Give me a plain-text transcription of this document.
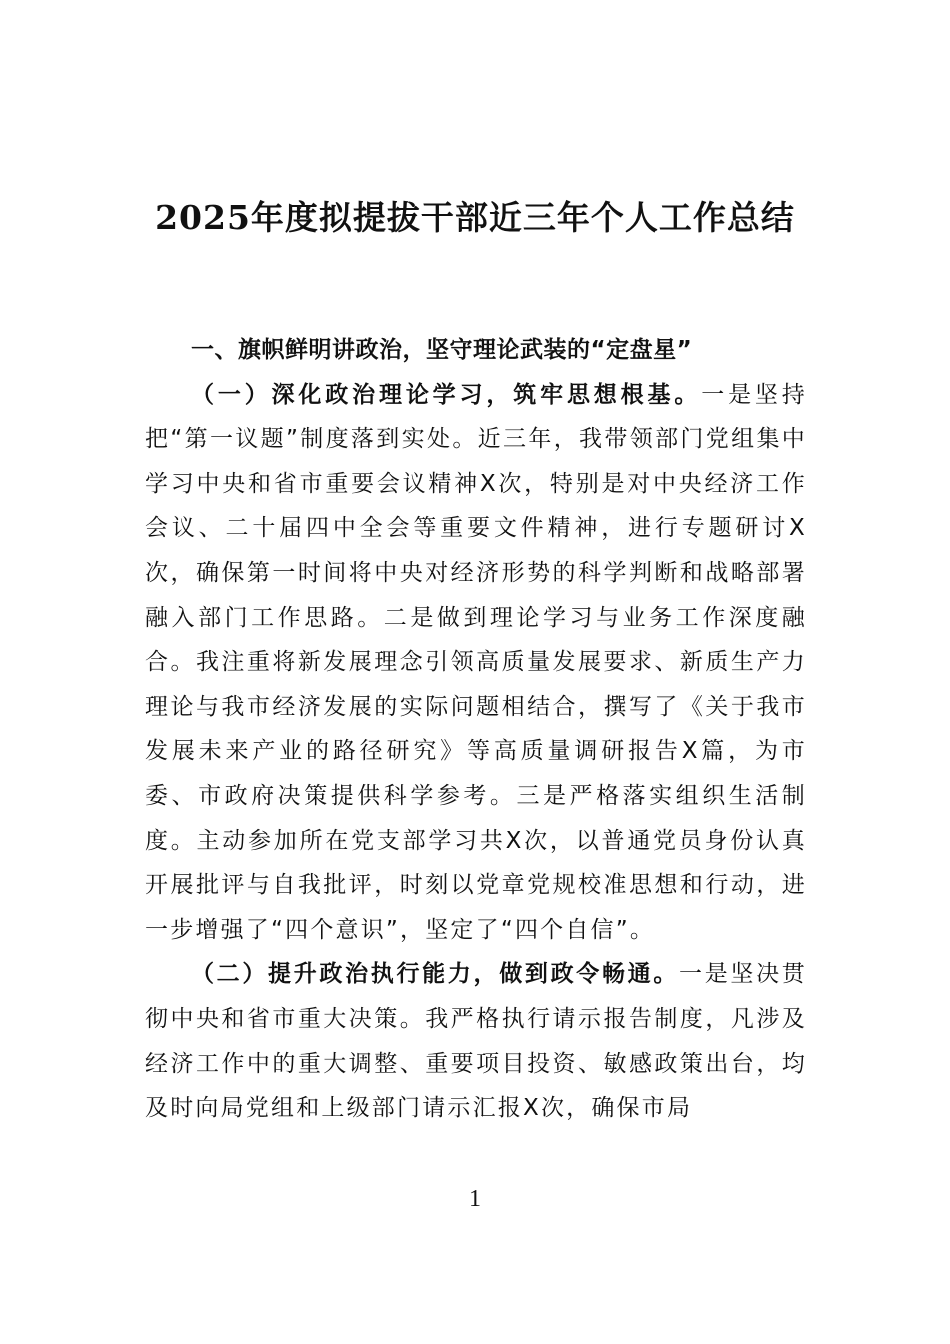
2025年度拟提拔干部近三年个人工作总结

一、旗帜鲜明讲政治，坚守理论武装的“定盘星”

（一）深化政治理论学习，筑牢思想根基。一是坚持把“第一议题”制度落到实处。近三年，我带领部门党组集中学习中央和省市重要会议精神X次，特别是对中央经济工作会议、二十届四中全会等重要文件精神，进行专题研讨X次，确保第一时间将中央对经济形势的科学判断和战略部署融入部门工作思路。二是做到理论学习与业务工作深度融合。我注重将新发展理念引领高质量发展要求、新质生产力理论与我市经济发展的实际问题相结合，撰写了《关于我市发展未来产业的路径研究》等高质量调研报告X篇，为市委、市政府决策提供科学参考。三是严格落实组织生活制度。主动参加所在党支部学习共X次，以普通党员身份认真开展批评与自我批评，时刻以党章党规校准思想和行动，进一步增强了“四个意识”，坚定了“四个自信”。

（二）提升政治执行能力，做到政令畅通。一是坚决贯彻中央和省市重大决策。我严格执行请示报告制度，凡涉及经济工作中的重大调整、重要项目投资、敏感政策出台，均及时向局党组和上级部门请示汇报X次，确保市局

1
